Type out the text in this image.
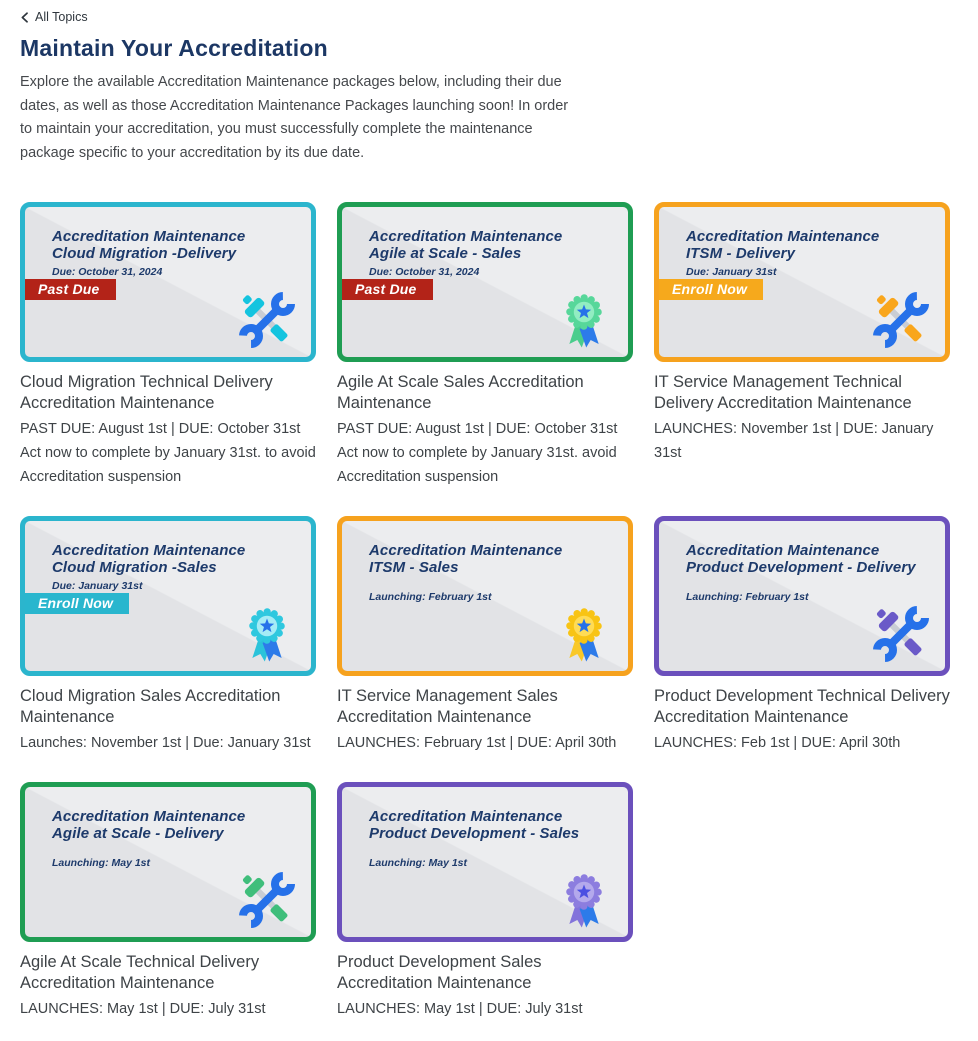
All Topics
Maintain Your Accreditation

Explore the available Accreditation Maintenance packages below, including their due dates, as well as those Accreditation Maintenance Packages launching soon! In order to maintain your accreditation, you must successfully complete the maintenance package specific to your accreditation by its due date.

Accreditation Maintenance
Cloud Migration -Delivery
Due: October 31, 2024
Past Due
Cloud Migration Technical Delivery Accreditation Maintenance
PAST DUE: August 1st | DUE: October 31st Act now to complete by January 31st. to avoid Accreditation suspension
Accreditation Maintenance
Agile at Scale - Sales
Due: October 31, 2024
Past Due
Agile At Scale Sales Accreditation Maintenance
PAST DUE: August 1st | DUE: October 31st Act now to complete by January 31st. avoid Accreditation suspension
Accreditation Maintenance
ITSM - Delivery
Due: January 31st
Enroll Now
IT Service Management Technical Delivery Accreditation Maintenance
LAUNCHES: November 1st | DUE: January 31st
Accreditation Maintenance
Cloud Migration -Sales
Due: January 31st
Enroll Now
Cloud Migration Sales Accreditation Maintenance
Launches: November 1st | Due: January 31st
Accreditation Maintenance
ITSM - Sales
Launching: February 1st
IT Service Management Sales Accreditation Maintenance
LAUNCHES: February 1st | DUE: April 30th
Accreditation Maintenance
Product Development - Delivery
Launching: February 1st
Product Development Technical Delivery Accreditation Maintenance
LAUNCHES: Feb 1st | DUE: April 30th
Accreditation Maintenance
Agile at Scale - Delivery
Launching: May 1st
Agile At Scale Technical Delivery Accreditation Maintenance
LAUNCHES: May 1st | DUE: July 31st
Accreditation Maintenance
Product Development - Sales
Launching: May 1st
Product Development Sales Accreditation Maintenance
LAUNCHES: May 1st | DUE: July 31st
